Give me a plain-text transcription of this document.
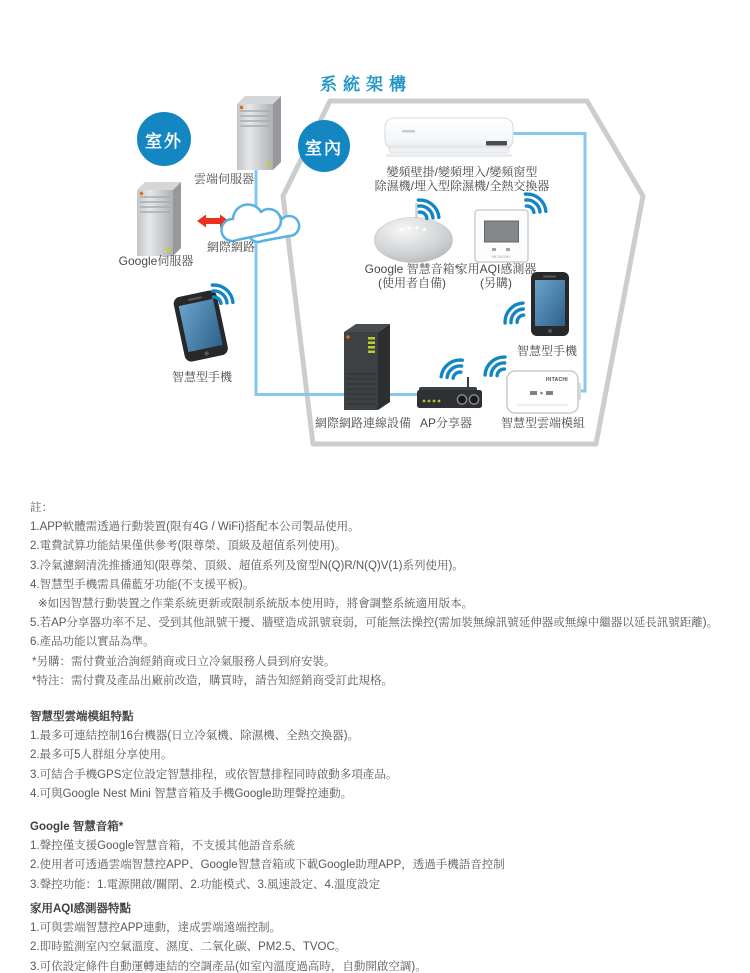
系統架構
室外	室內
雲端伺服器
Google伺服器
網際網路
智慧型手機
變頻壁掛/變頻埋入/變頻窗型
除濕機/埋入型除濕機/全熱交換器
Google 智慧音箱*
(使用者自備)
家用AQI感測器
(另購)
智慧型手機
網際網路連線設備 AP分享器 智慧型雲端模組
HITACHI
HITACHI
註：
1.APP軟體需透過行動裝置(限有4G / WiFi)搭配本公司製品使用。
2.電費試算功能結果僅供參考(限尊榮、頂級及超值系列使用)。
3.冷氣濾網清洗推播通知(限尊榮、頂級、超值系列及窗型N(Q)R/N(Q)V(1)系列使用)。
4.智慧型手機需具備藍牙功能(不支援平板)。
※如因智慧行動裝置之作業系統更新或限制系統版本使用時，將會調整系統適用版本。
5.若AP分享器功率不足、受到其他訊號干擾、牆壁造成訊號衰弱，可能無法操控(需加裝無線訊號延伸器或無線中繼器以延長訊號距離)。
6.產品功能以實品為準。
*另購：需付費並洽詢經銷商或日立冷氣服務人員到府安裝。
*特注：需付費及產品出廠前改造，購買時，請告知經銷商受訂此規格。
智慧型雲端模組特點
1.最多可連結控制16台機器(日立冷氣機、除濕機、全熱交換器)。
2.最多可5人群組分享使用。
3.可結合手機GPS定位設定智慧排程，或依智慧排程同時啟動多項產品。
4.可與Google Nest Mini 智慧音箱及手機Google助理聲控連動。
Google 智慧音箱*
1.聲控僅支援Google智慧音箱，不支援其他語音系統
2.使用者可透過雲端智慧控APP、Google智慧音箱或下載Google助理APP，透過手機語音控制
3.聲控功能：1.電源開啟/關閉、2.功能模式、3.風速設定、4.溫度設定
家用AQI感測器特點
1.可與雲端智慧控APP連動，達成雲端遠端控制。
2.即時監測室內空氣溫度、濕度、二氧化碳、PM2.5、TVOC。
3.可依設定條件自動運轉連結的空調產品(如室內溫度過高時，自動開啟空調)。
